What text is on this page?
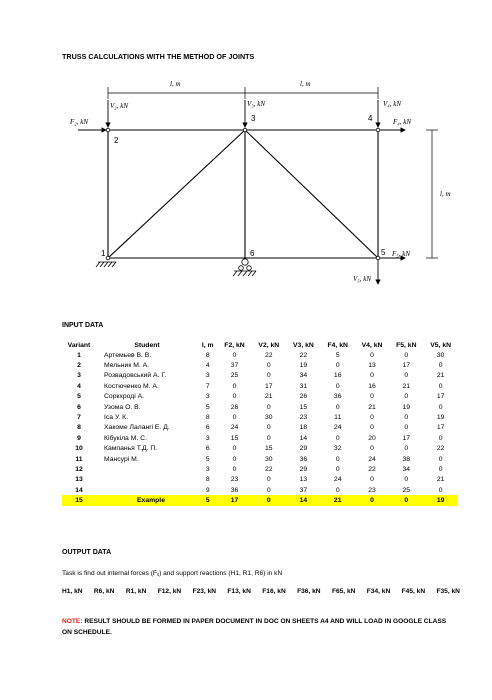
TRUSS CALCULATIONS WITH THE METHOD OF JOINTS
l, m	l, m
l, m
V₂, kN	V₃, kN	V₄, kN
F₂, kN	F₄, kN
F₅, kN
V₅, kN
1
2
3	4
5
6
INPUT DATA
Variant	Student	l, m	F2, kN	V2, kN	V3, kN	F4, kN	V4, kN	F5, kN	V5, kN
1	Артемьев В. В.	8	0	22	22	5	0	0	30
2	Мельник М. А.	4	37	0	19	0	13	17	0
3	Розвадовський А. Г.	3	25	0	34	16	0	0	21
4	Костюченко М. А.	7	0	17	31	0	16	21	0
5	Соркхроді А.	3	0	21	26	36	0	0	17
6	Узома О. В.	5	26	0	15	0	21	19	0
7	Іса У. К.	8	0	30	23	11	0	0	19
8	Хакоме Лаланrі Е. Д.	6	24	0	18	24	0	0	17
9	Кібукіла М. С.	3	15	0	14	0	20	17	0
10	Кампанья Т.Д. П.	6	0	15	29	32	0	0	22
11	Мансурі М.	5	0	30	36	0	24	38	0
12		3	0	22	29	0	22	34	0
13		8	23	0	13	24	0	0	21
14		9	36	0	37	0	23	25	0
15	Example	5	17	0	14	21	0	0	19
OUTPUT DATA
Task is find out internal forces (Fᵢⱼ) and support reactions (H1, R1, R6) in kN
H1, kN R6, kN R1, kN F12, kN F23, kN F13, kN F16, kN F36, kN F65, kN F34, kN F45, kN F35, kN
NOTE: RESULT SHOULD BE FORMED IN PAPER DOCUMENT IN DOC ON SHEETS A4 AND WILL LOAD IN GOOGLE CLASS ON SCHEDULE.
